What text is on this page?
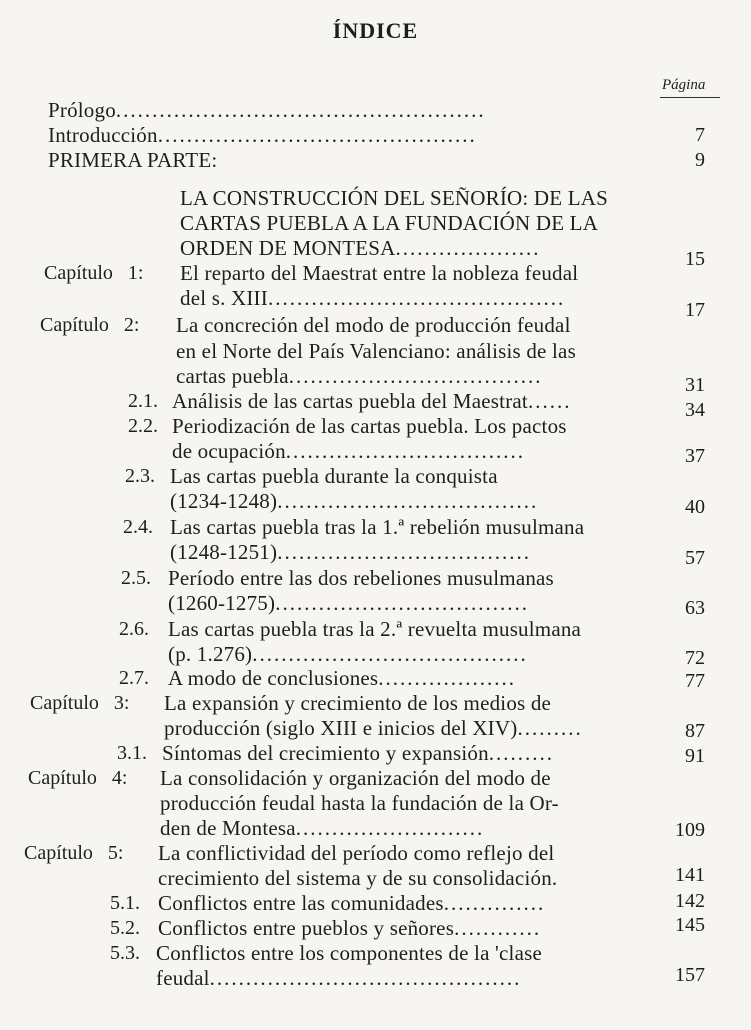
ÍNDICE
Página
Prólogo...................................................
Introducción............................................
PRIMERA PARTE:
LA CONSTRUCCIÓN DEL SEÑORÍO: DE LAS
CARTAS PUEBLA A LA FUNDACIÓN DE LA
ORDEN DE MONTESA....................
El reparto del Maestrat entre la nobleza feudal
del s. XIII.........................................
La concreción del modo de producción feudal
en el Norte del País Valenciano: análisis de las
cartas puebla...................................
Análisis de las cartas puebla del Maestrat......
Periodización de las cartas puebla. Los pactos
de ocupación.................................
Las cartas puebla durante la conquista
(1234-1248)....................................
Las cartas puebla tras la 1.ª rebelión musulmana
(1248-1251)...................................
Período entre las dos rebeliones musulmanas
(1260-1275)...................................
Las cartas puebla tras la 2.ª revuelta musulmana
(p. 1.276)......................................
A modo de conclusiones...................
La expansión y crecimiento de los medios de
producción (siglo XIII e inicios del XIV).........
Síntomas del crecimiento y expansión.........
La consolidación y organización del modo de
producción feudal hasta la fundación de la Or-
den de Montesa..........................
La conflictividad del período como reflejo del
crecimiento del sistema y de su consolidación.
Conflictos entre las comunidades..............
Conflictos entre pueblos y señores............
Conflictos entre los componentes de la 'clase
feudal...........................................
Capítulo   1:
Capítulo   2:
2.1.
2.2.
2.3.
2.4.
2.5.
2.6.
2.7.
Capítulo   3:
3.1.
Capítulo   4:
Capítulo   5:
5.1.
5.2.
5.3.
7
9
15
17
31
34
37
40
57
63
72
77
87
91
109
141
142
145
157
